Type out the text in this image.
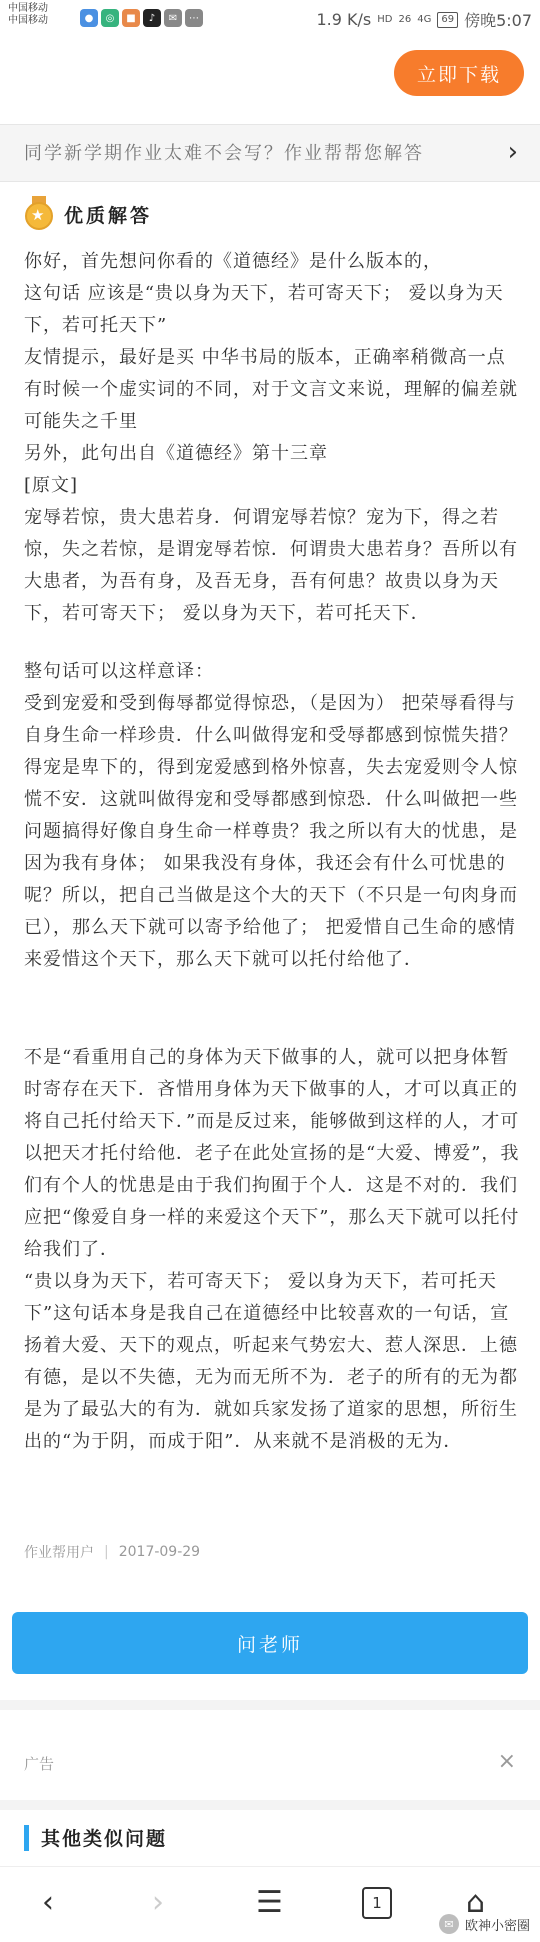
中国移动
中国移动	●	◎	■	♪	✉	⋯	1.9 K/s HD 26 4G	69 傍晚5:07
立即下载
同学新学期作业太难不会写？作业帮帮您解答	›
★ 优质解答

你好，首先想问你看的《道德经》是什么版本的，

这句话 应该是“贵以身为天下，若可寄天下； 爱以身为天下，若可托天下”

友情提示，最好是买 中华书局的版本，正确率稍微高一点

有时候一个虚实词的不同，对于文言文来说，理解的偏差就可能失之千里

另外，此句出自《道德经》第十三章

[原文]

宠辱若惊，贵大患若身．何谓宠辱若惊？宠为下，得之若惊，失之若惊，是谓宠辱若惊．何谓贵大患若身？吾所以有大患者，为吾有身，及吾无身，吾有何患？故贵以身为天下，若可寄天下； 爱以身为天下，若可托天下．

整句话可以这样意译：

受到宠爱和受到侮辱都觉得惊恐，（是因为） 把荣辱看得与自身生命一样珍贵．什么叫做得宠和受辱都感到惊慌失措？得宠是卑下的，得到宠爱感到格外惊喜，失去宠爱则令人惊慌不安．这就叫做得宠和受辱都感到惊恐．什么叫做把一些问题搞得好像自身生命一样尊贵？我之所以有大的忧患，是因为我有身体； 如果我没有身体，我还会有什么可忧患的呢？所以，把自己当做是这个大的天下（不只是一句肉身而已），那么天下就可以寄予给他了； 把爱惜自己生命的感情来爱惜这个天下，那么天下就可以托付给他了．

不是“看重用自己的身体为天下做事的人，就可以把身体暂时寄存在天下．吝惜用身体为天下做事的人，才可以真正的将自己托付给天下．”而是反过来，能够做到这样的人，才可以把天才托付给他．老子在此处宣扬的是“大爱、博爱”，我们有个人的忧患是由于我们拘囿于个人．这是不对的．我们应把“像爱自身一样的来爱这个天下”，那么天下就可以托付给我们了．

“贵以身为天下，若可寄天下； 爱以身为天下，若可托天下”这句话本身是我自己在道德经中比较喜欢的一句话，宣扬着大爱、天下的观点，听起来气势宏大、惹人深思．上德有德，是以不失德，无为而无所不为．老子的所有的无为都是为了最弘大的有为．就如兵家发扬了道家的思想，所衍生出的“为于阴，而成于阳”．从来就不是消极的无为．

作业帮用户 | 2017-09-29
问老师
广告	×
其他类似问题
‹	›	☰	1	⌂
✉ 欧神小密圈
